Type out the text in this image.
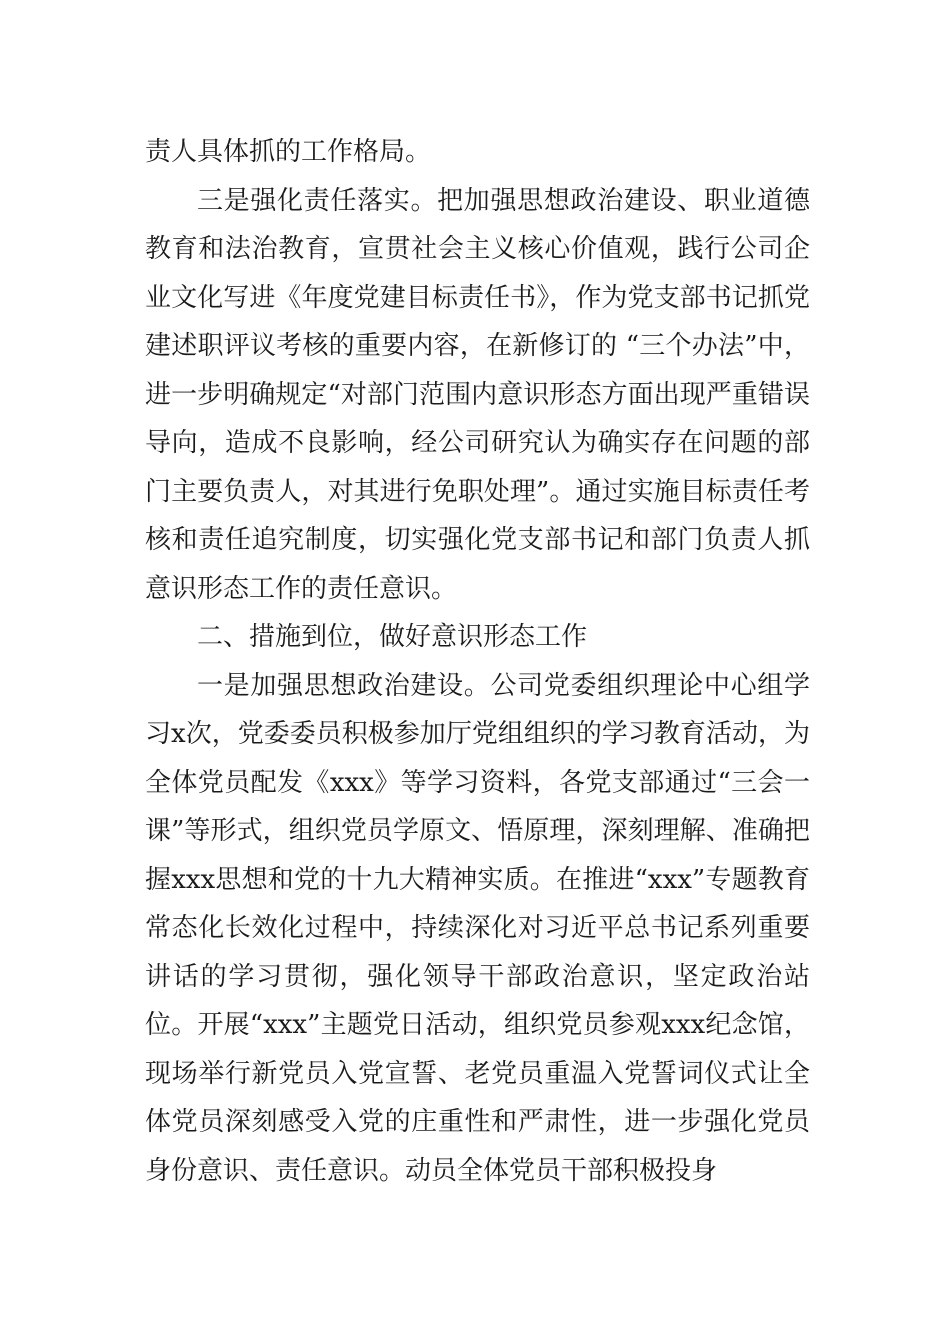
责人具体抓的工作格局。

三是强化责任落实。把加强思想政治建设、职业道德教育和法治教育，宣贯社会主义核心价值观，践行公司企业文化写进《年度党建目标责任书》，作为党支部书记抓党建述职评议考核的重要内容，在新修订的 “三个办法”中，进一步明确规定“对部门范围内意识形态方面出现严重错误导向，造成不良影响，经公司研究认为确实存在问题的部门主要负责人，对其进行免职处理”。通过实施目标责任考核和责任追究制度，切实强化党支部书记和部门负责人抓意识形态工作的责任意识。

二、措施到位，做好意识形态工作

一是加强思想政治建设。公司党委组织理论中心组学习x次，党委委员积极参加厅党组组织的学习教育活动，为全体党员配发《xxx》等学习资料，各党支部通过“三会一课”等形式，组织党员学原文、悟原理，深刻理解、准确把握xxx思想和党的十九大精神实质。在推进“xxx”专题教育常态化长效化过程中，持续深化对习近平总书记系列重要讲话的学习贯彻，强化领导干部政治意识，坚定政治站位。开展“xxx”主题党日活动，组织党员参观xxx纪念馆，现场举行新党员入党宣誓、老党员重温入党誓词仪式让全体党员深刻感受入党的庄重性和严肃性，进一步强化党员身份意识、责任意识。动员全体党员干部积极投身
